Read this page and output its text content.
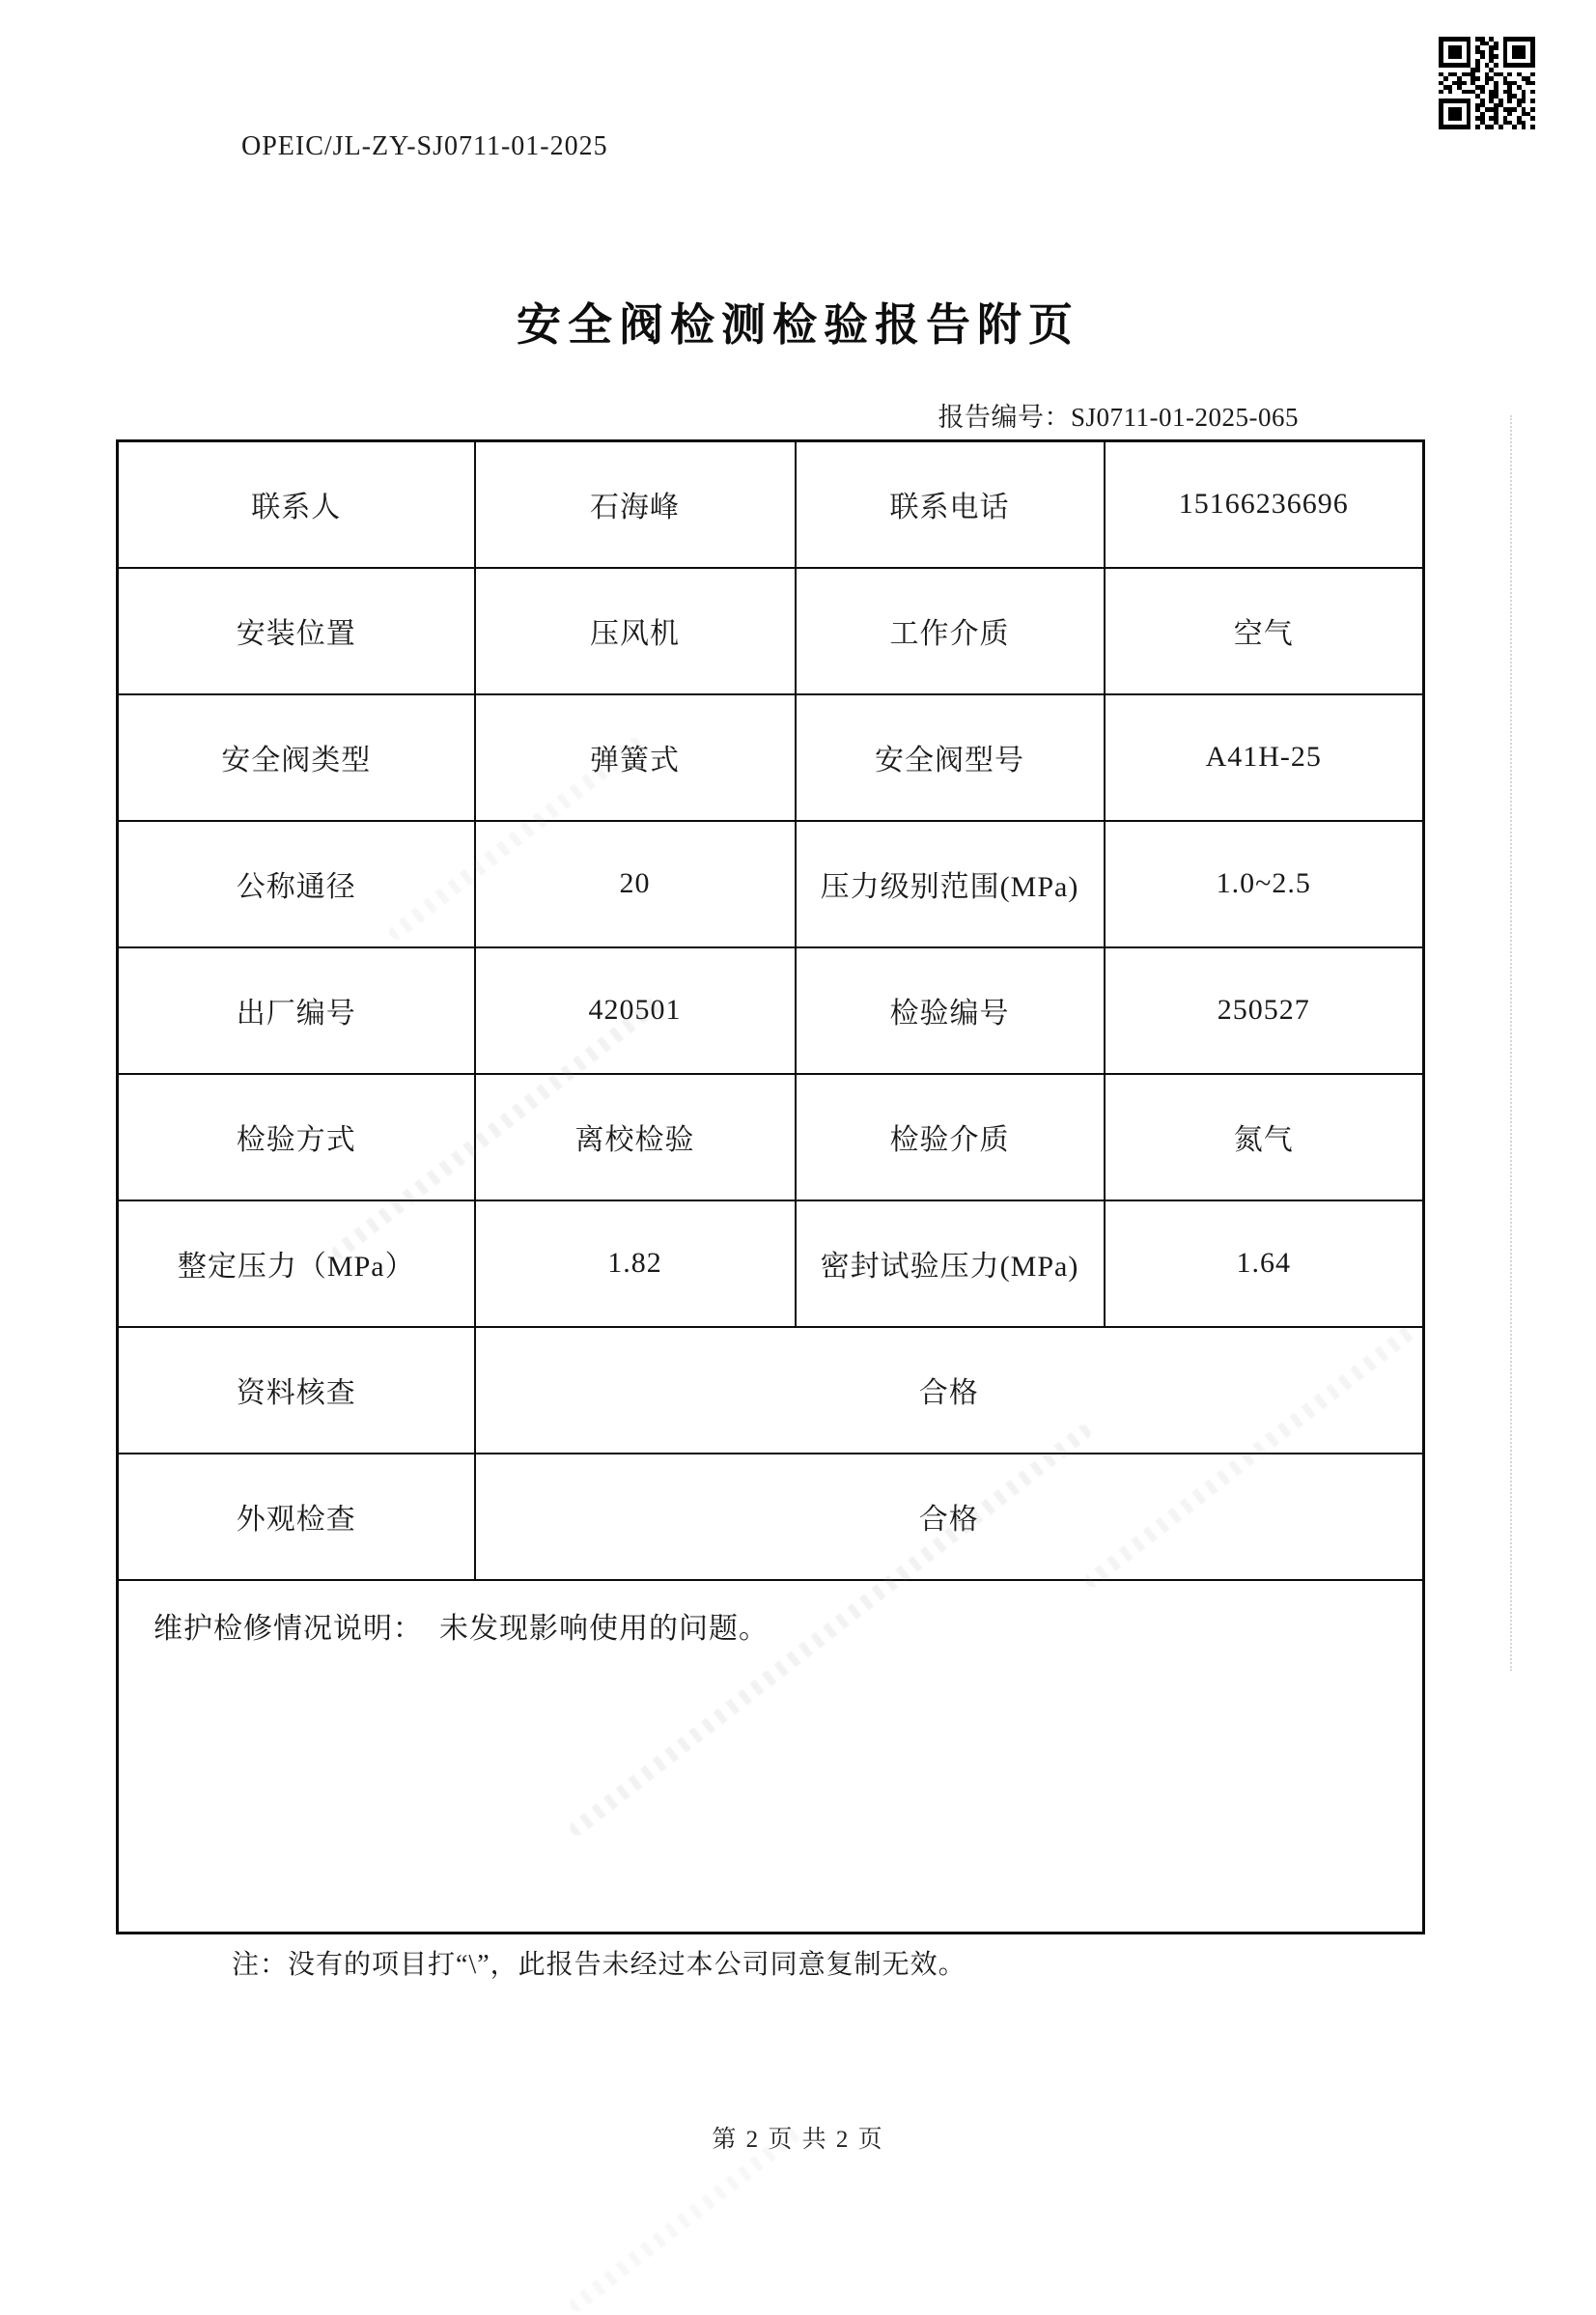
OPEIC/JL-ZY-SJ0711-01-2025
安全阀检测检验报告附页
报告编号：SJ0711-01-2025-065
联系人	石海峰	联系电话	15166236696
安装位置	压风机	工作介质	空气
安全阀类型	弹簧式	安全阀型号	A41H-25
公称通径	20	压力级别范围(MPa)	1.0~2.5
出厂编号	420501	检验编号	250527
检验方式	离校检验	检验介质	氮气
整定压力（MPa）	1.82	密封试验压力(MPa)	1.64
资料核查	合格		
外观检查	合格		
维护检修情况说明：  未发现影响使用的问题。			
注：没有的项目打“\”，此报告未经过本公司同意复制无效。
第 2 页 共 2 页
